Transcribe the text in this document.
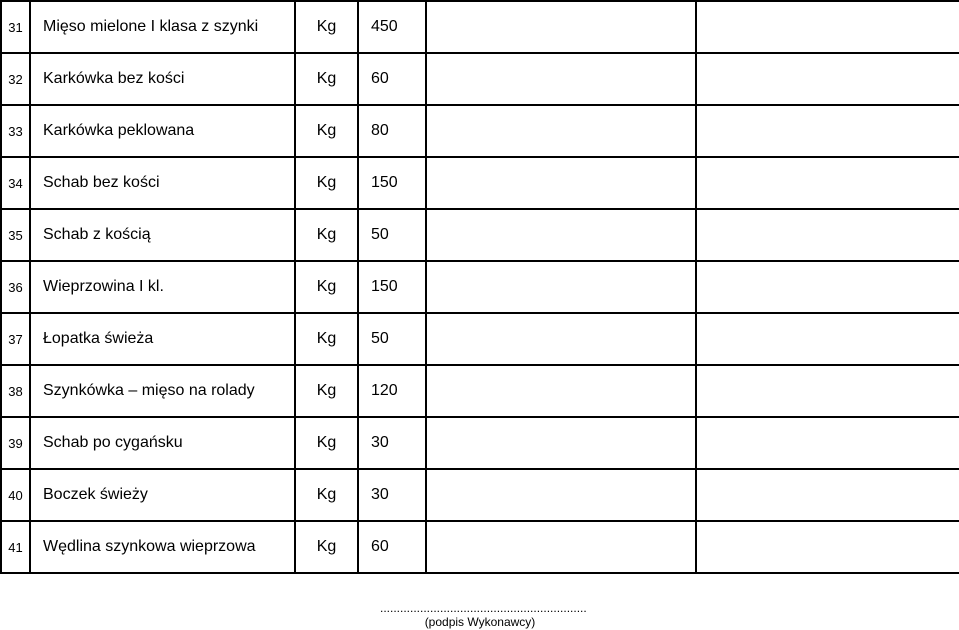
31	Mięso mielone I klasa z szynki	Kg	450		
32	Karkówka bez kości	Kg	60		
33	Karkówka peklowana	Kg	80		
34	Schab bez kości	Kg	150		
35	Schab z kością	Kg	50		
36	Wieprzowina I kl.	Kg	150		
37	Łopatka świeża	Kg	50		
38	Szynkówka – mięso na rolady	Kg	120		
39	Schab po cygańsku	Kg	30		
40	Boczek świeży	Kg	30		
41	Wędlina szynkowa wieprzowa	Kg	60		
..............................................................
(podpis Wykonawcy)
